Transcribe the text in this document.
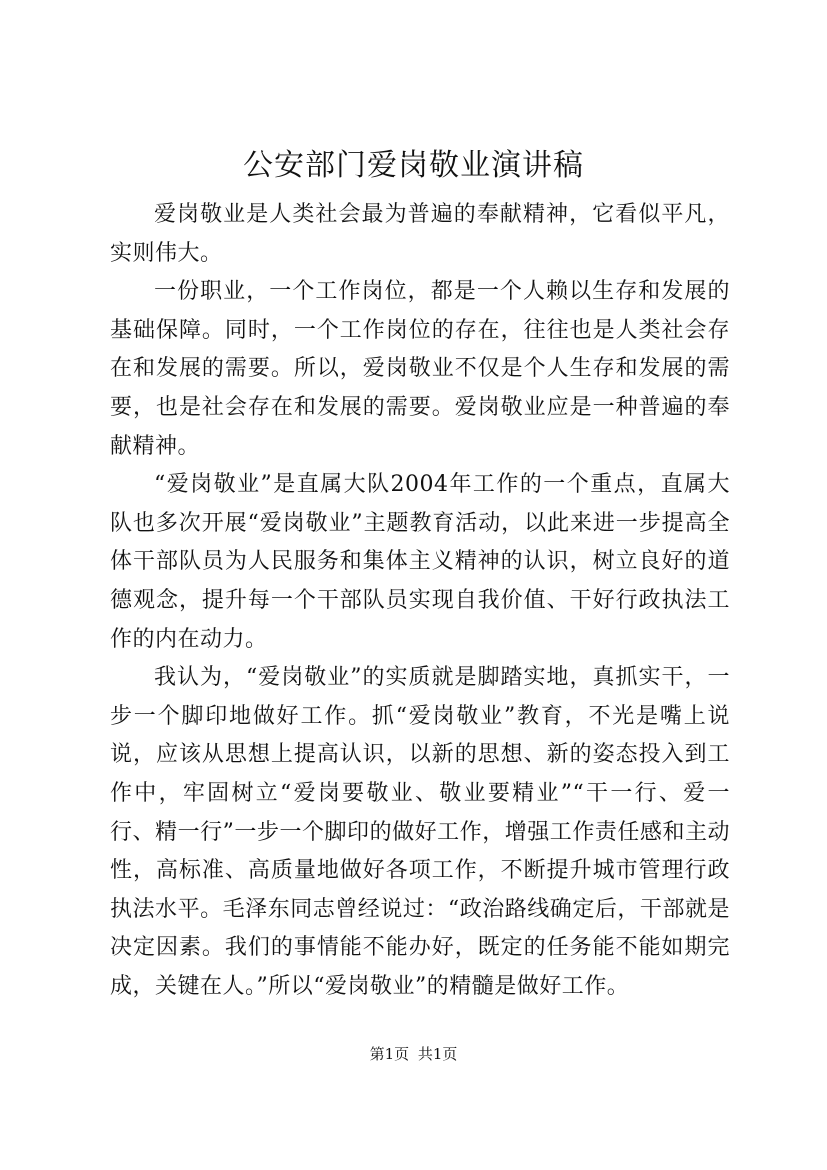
公安部门爱岗敬业演讲稿

爱岗敬业是人类社会最为普遍的奉献精神，它看似平凡，实则伟大。

一份职业，一个工作岗位，都是一个人赖以生存和发展的基础保障。同时，一个工作岗位的存在，往往也是人类社会存在和发展的需要。所以，爱岗敬业不仅是个人生存和发展的需要，也是社会存在和发展的需要。爱岗敬业应是一种普遍的奉献精神。

“爱岗敬业”是直属大队2004年工作的一个重点，直属大队也多次开展“爱岗敬业”主题教育活动，以此来进一步提高全体干部队员为人民服务和集体主义精神的认识，树立良好的道德观念，提升每一个干部队员实现自我价值、干好行政执法工作的内在动力。

我认为，“爱岗敬业”的实质就是脚踏实地，真抓实干，一步一个脚印地做好工作。抓“爱岗敬业”教育，不光是嘴上说说，应该从思想上提高认识，以新的思想、新的姿态投入到工作中，牢固树立“爱岗要敬业、敬业要精业”“干一行、爱一行、精一行”一步一个脚印的做好工作，增强工作责任感和主动性，高标准、高质量地做好各项工作，不断提升城市管理行政执法水平。毛泽东同志曾经说过：“政治路线确定后，干部就是决定因素。我们的事情能不能办好，既定的任务能不能如期完成，关键在人。”所以“爱岗敬业”的精髓是做好工作。

第1页 共1页
